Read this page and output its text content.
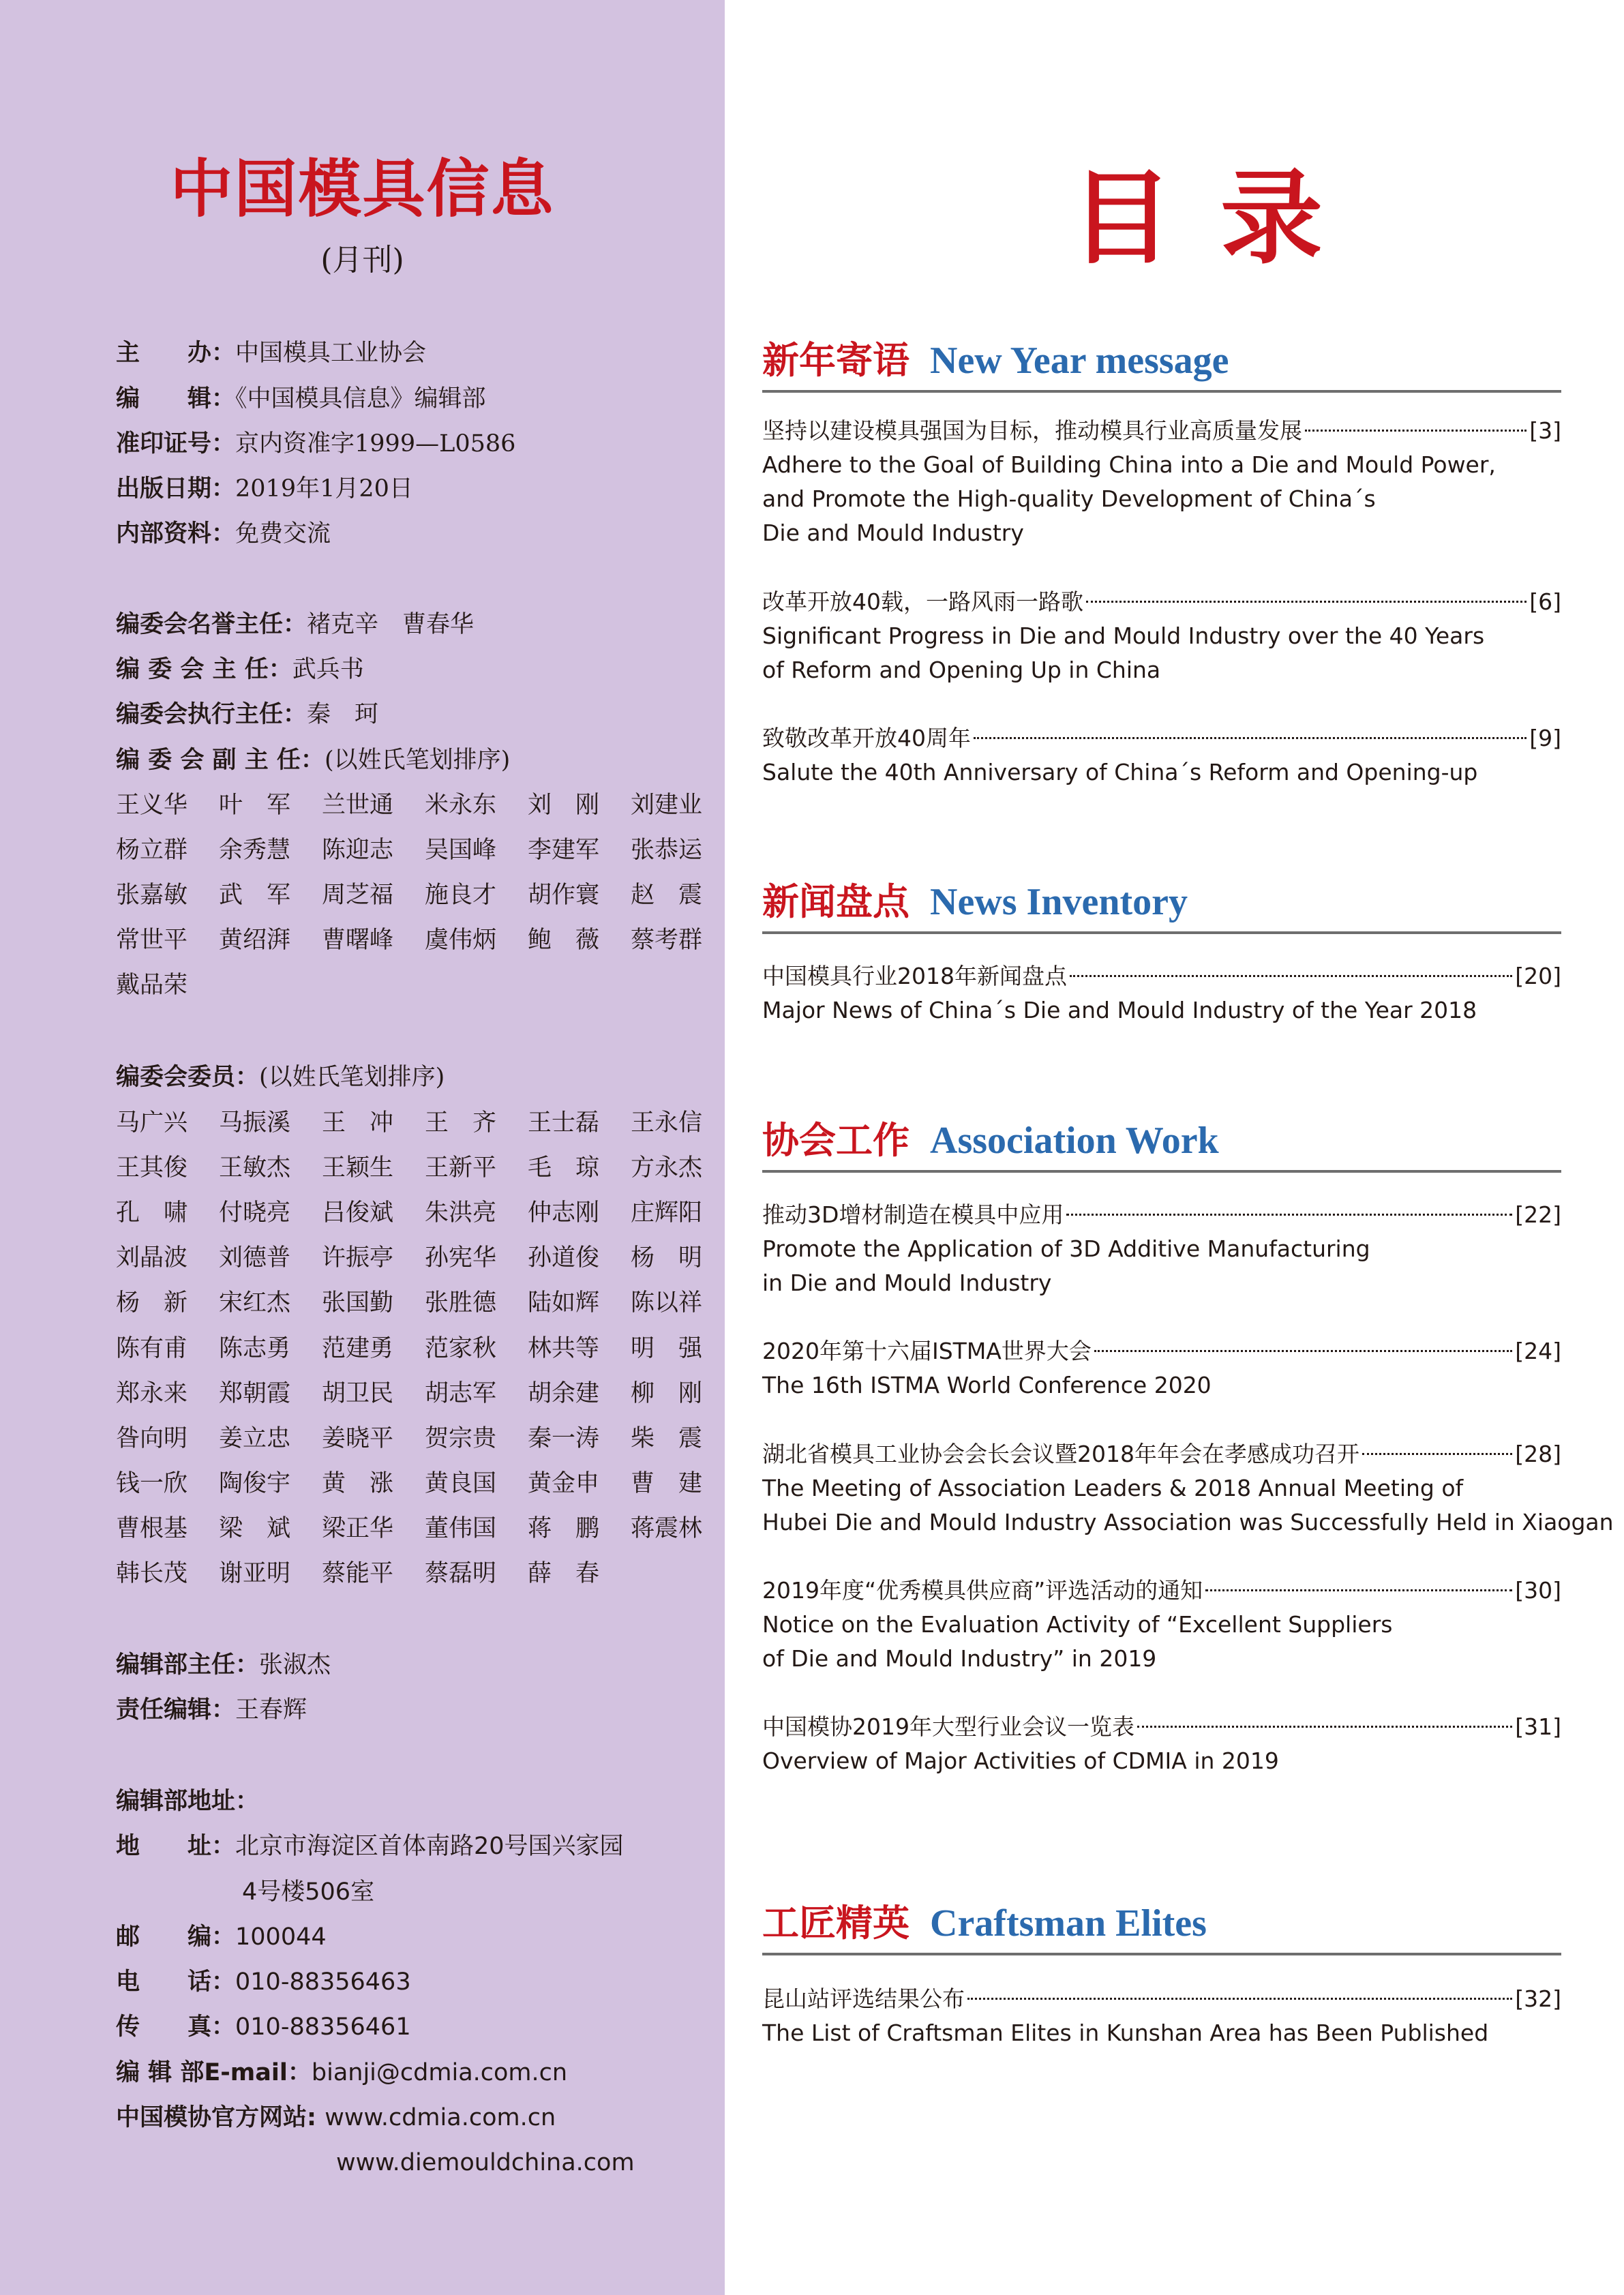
中国模具信息
(月刊)
主　　办：中国模具工业协会
编　　辑：《中国模具信息》编辑部
准印证号：京内资准字1999—L0586
出版日期：2019年1月20日
内部资料：免费交流
编委会名誉主任：褚克辛　曹春华
编 委 会 主 任：武兵书
编委会执行主任：秦　珂
编 委 会 副 主 任：(以姓氏笔划排序)
王义华 叶　军 兰世通 米永东 刘　刚 刘建业
杨立群 余秀慧 陈迎志 吴国峰 李建军 张恭运
张嘉敏 武　军 周芝福 施良才 胡作寰 赵　震
常世平 黄绍湃 曹曙峰 虞伟炳 鲍　薇 蔡考群
戴品荣
编委会委员：(以姓氏笔划排序)
马广兴 马振溪 王　冲 王　齐 王士磊 王永信
王其俊 王敏杰 王颖生 王新平 毛　琼 方永杰
孔　啸 付晓亮 吕俊斌 朱洪亮 仲志刚 庄辉阳
刘晶波 刘德普 许振亭 孙宪华 孙道俊 杨　明
杨　新 宋红杰 张国勤 张胜德 陆如辉 陈以祥
陈有甫 陈志勇 范建勇 范家秋 林共等 明　强
郑永来 郑朝霞 胡卫民 胡志军 胡余建 柳　刚
昝向明 姜立忠 姜晓平 贺宗贵 秦一涛 柴　震
钱一欣 陶俊宇 黄　涨 黄良国 黄金申 曹　建
曹根基 梁　斌 梁正华 董伟国 蒋　鹏 蒋震林
韩长茂 谢亚明 蔡能平 蔡磊明 薛　春
编辑部主任：张淑杰
责任编辑：王春辉
编辑部地址：
地　　址：北京市海淀区首体南路20号国兴家园
4号楼506室
邮　　编：100044
电　　话：010-88356463
传　　真：010-88356461
编 辑 部E-mail：bianji@cdmia.com.cn
中国模协官方网站: www.cdmia.com.cn
www.diemouldchina.com
目录
新年寄语 New Year message
坚持以建设模具强国为目标，推动模具行业高质量发展	[3]
Adhere to the Goal of Building China into a Die and Mould Power,
and Promote the High-quality Development of China´s
Die and Mould Industry
改革开放40载，一路风雨一路歌	[6]
Significant Progress in Die and Mould Industry over the 40 Years
of Reform and Opening Up in China
致敬改革开放40周年	[9]
Salute the 40th Anniversary of China´s Reform and Opening-up
新闻盘点 News Inventory
中国模具行业2018年新闻盘点	[20]
Major News of China´s Die and Mould Industry of the Year 2018
协会工作 Association Work
推动3D增材制造在模具中应用	[22]
Promote the Application of 3D Additive Manufacturing
in Die and Mould Industry
2020年第十六届ISTMA世界大会	[24]
The 16th ISTMA World Conference 2020
湖北省模具工业协会会长会议暨2018年年会在孝感成功召开	[28]
The Meeting of Association Leaders & 2018 Annual Meeting of
Hubei Die and Mould Industry Association was Successfully Held in Xiaogan
2019年度“优秀模具供应商”评选活动的通知	[30]
Notice on the Evaluation Activity of “Excellent Suppliers
of Die and Mould Industry” in 2019
中国模协2019年大型行业会议一览表	[31]
Overview of Major Activities of CDMIA in 2019
工匠精英 Craftsman Elites
昆山站评选结果公布	[32]
The List of Craftsman Elites in Kunshan Area has Been Published
